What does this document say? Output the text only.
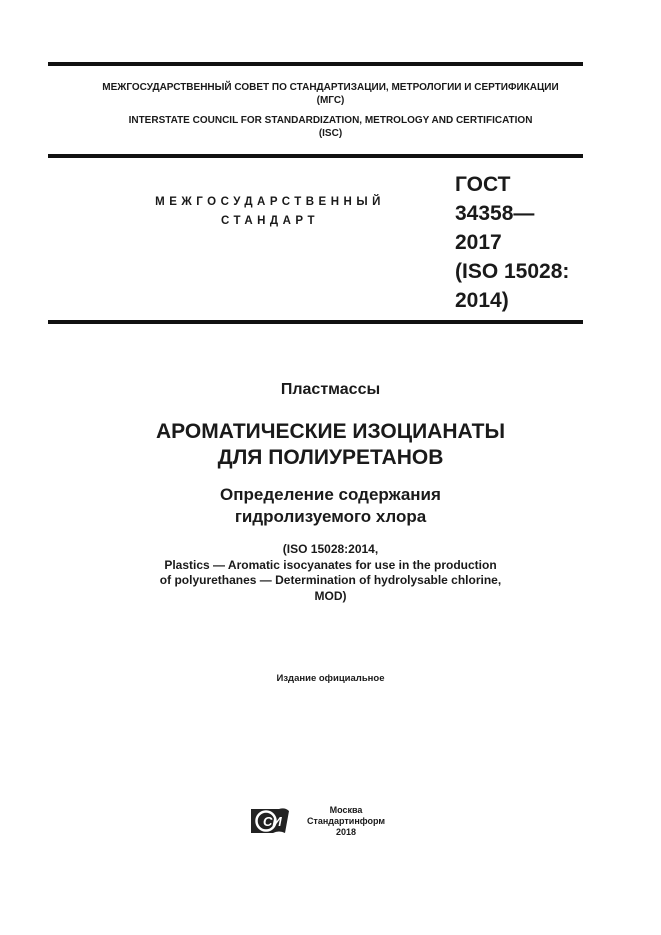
МЕЖГОСУДАРСТВЕННЫЙ СОВЕТ ПО СТАНДАРТИЗАЦИИ, МЕТРОЛОГИИ И СЕРТИФИКАЦИИ
(МГС)
INTERSTATE COUNCIL FOR STANDARDIZATION, METROLOGY AND CERTIFICATION
(ISC)
МЕЖГОСУДАРСТВЕННЫЙ
СТАНДАРТ
ГОСТ
34358—
2017
(ISO 15028:
2014)
Пластмассы
АРОМАТИЧЕСКИЕ ИЗОЦИАНАТЫ
ДЛЯ ПОЛИУРЕТАНОВ
Определение содержания
гидролизуемого хлора
(ISO 15028:2014,
Plastics — Aromatic isocyanates for use in the production
of polyurethanes — Determination of hydrolysable chlorine,
MOD)
Издание официальное
СИ
Москва
Стандартинформ
2018
